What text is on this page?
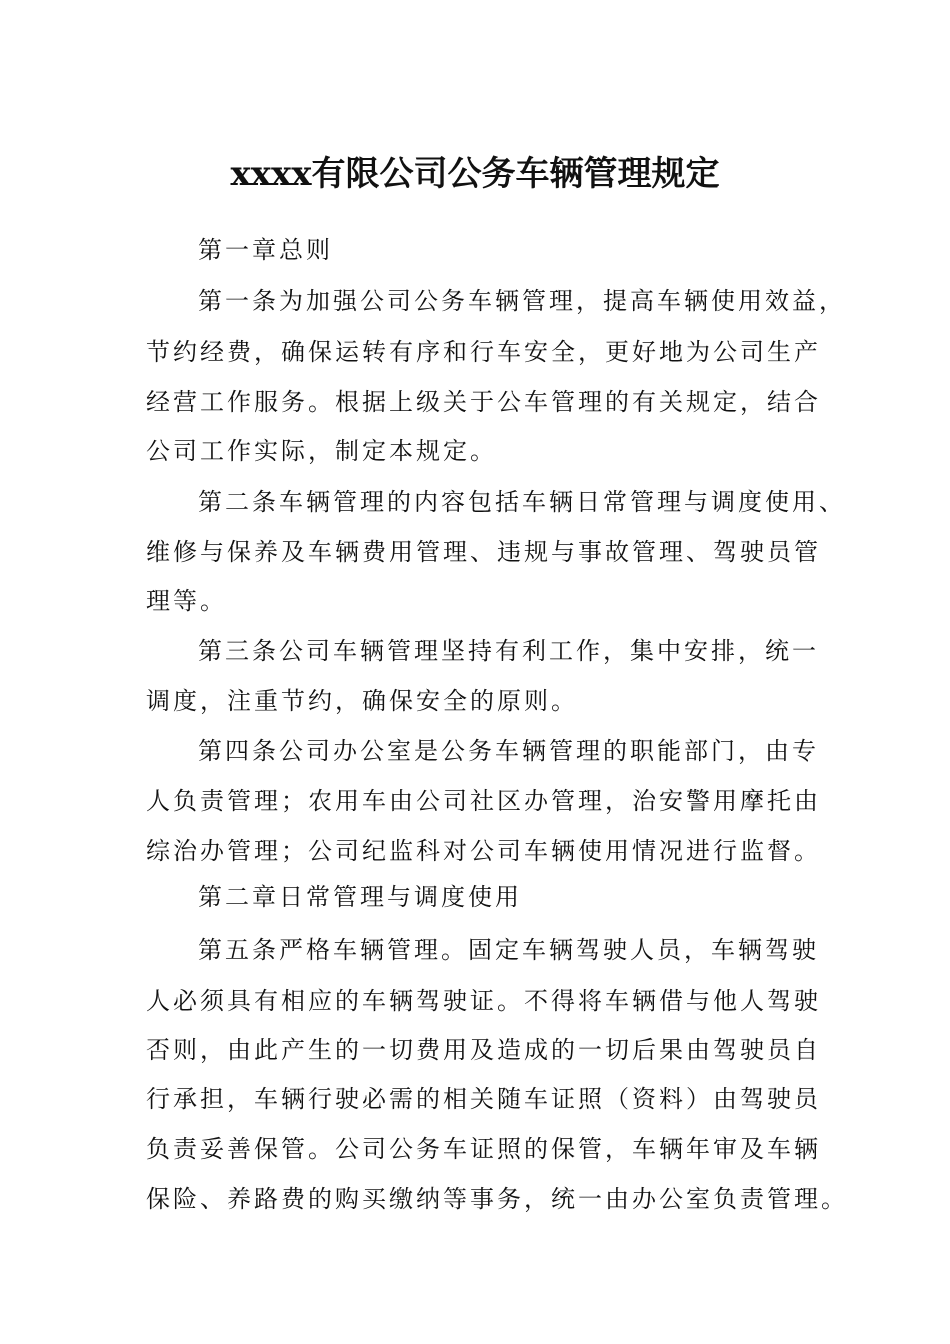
xxxx有限公司公务车辆管理规定

第一章总则

第一条为加强公司公务车辆管理，提高车辆使用效益，

节约经费，确保运转有序和行车安全，更好地为公司生产

经营工作服务。根据上级关于公车管理的有关规定，结合

公司工作实际，制定本规定。

第二条车辆管理的内容包括车辆日常管理与调度使用、

维修与保养及车辆费用管理、违规与事故管理、驾驶员管

理等。

第三条公司车辆管理坚持有利工作，集中安排，统一

调度，注重节约，确保安全的原则。

第四条公司办公室是公务车辆管理的职能部门，由专

人负责管理；农用车由公司社区办管理，治安警用摩托由

综治办管理；公司纪监科对公司车辆使用情况进行监督。

第二章日常管理与调度使用

第五条严格车辆管理。固定车辆驾驶人员，车辆驾驶

人必须具有相应的车辆驾驶证。不得将车辆借与他人驾驶

否则，由此产生的一切费用及造成的一切后果由驾驶员自

行承担，车辆行驶必需的相关随车证照（资料）由驾驶员

负责妥善保管。公司公务车证照的保管，车辆年审及车辆

保险、养路费的购买缴纳等事务，统一由办公室负责管理。
